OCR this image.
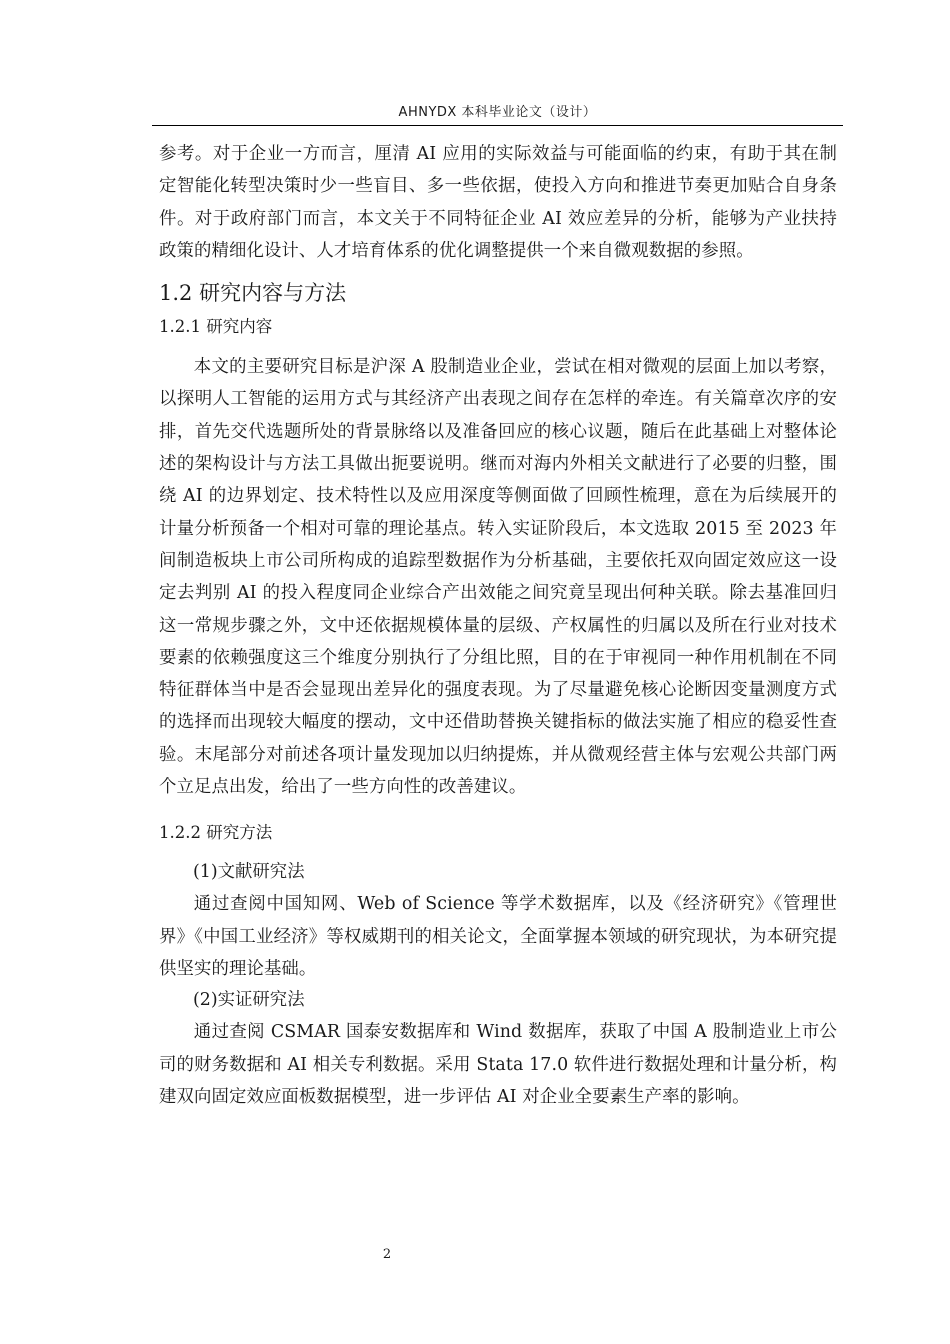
AHNYDX 本科毕业论文（设计）

参考。对于企业一方而言，厘清 AI 应用的实际效益与可能面临的约束，有助于其在制定智能化转型决策时少一些盲目、多一些依据，使投入方向和推进节奏更加贴合自身条件。对于政府部门而言，本文关于不同特征企业 AI 效应差异的分析，能够为产业扶持政策的精细化设计、人才培育体系的优化调整提供一个来自微观数据的参照。

1.2 研究内容与方法
1.2.1 研究内容

本文的主要研究目标是沪深 A 股制造业企业，尝试在相对微观的层面上加以考察，以探明人工智能的运用方式与其经济产出表现之间存在怎样的牵连。有关篇章次序的安排，首先交代选题所处的背景脉络以及准备回应的核心议题，随后在此基础上对整体论述的架构设计与方法工具做出扼要说明。继而对海内外相关文献进行了必要的归整，围绕 AI 的边界划定、技术特性以及应用深度等侧面做了回顾性梳理，意在为后续展开的计量分析预备一个相对可靠的理论基点。转入实证阶段后，本文选取 2015 至 2023 年间制造板块上市公司所构成的追踪型数据作为分析基础，主要依托双向固定效应这一设定去判别 AI 的投入程度同企业综合产出效能之间究竟呈现出何种关联。除去基准回归这一常规步骤之外，文中还依据规模体量的层级、产权属性的归属以及所在行业对技术要素的依赖强度这三个维度分别执行了分组比照，目的在于审视同一种作用机制在不同特征群体当中是否会显现出差异化的强度表现。为了尽量避免核心论断因变量测度方式的选择而出现较大幅度的摆动，文中还借助替换关键指标的做法实施了相应的稳妥性查验。末尾部分对前述各项计量发现加以归纳提炼，并从微观经营主体与宏观公共部门两个立足点出发，给出了一些方向性的改善建议。

1.2.2 研究方法

(1)文献研究法

通过查阅中国知网、Web of Science 等学术数据库，以及《经济研究》《管理世界》《中国工业经济》等权威期刊的相关论文，全面掌握本领域的研究现状，为本研究提供坚实的理论基础。

(2)实证研究法

通过查阅 CSMAR 国泰安数据库和 Wind 数据库，获取了中国 A 股制造业上市公司的财务数据和 AI 相关专利数据。采用 Stata 17.0 软件进行数据处理和计量分析，构建双向固定效应面板数据模型，进一步评估 AI 对企业全要素生产率的影响。

2
